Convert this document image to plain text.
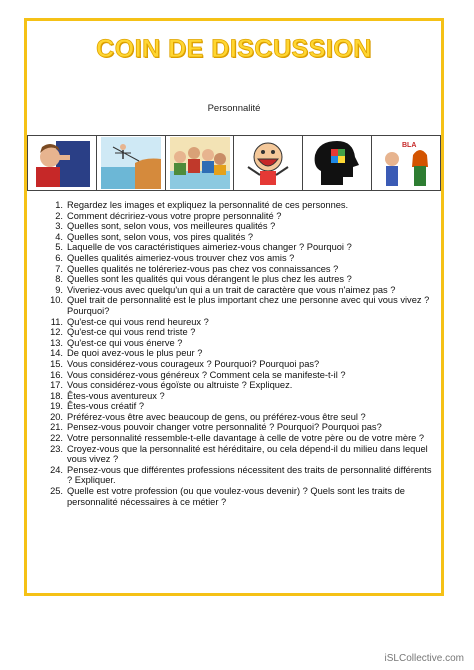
COIN DE DISCUSSION
Personnalité
BLA
1. Regardez les images et expliquez la personnalité de ces personnes.
2. Comment décririez-vous votre propre personnalité ?
3. Quelles sont, selon vous, vos meilleures qualités ?
4. Quelles sont, selon vous, vos pires qualités ?
5. Laquelle de vos caractéristiques aimeriez-vous changer ? Pourquoi ?
6. Quelles qualités aimeriez-vous trouver chez vos amis ?
7. Quelles qualités ne toléreriez-vous pas chez vos connaissances ?
8. Quelles sont les qualités qui vous dérangent le plus chez les autres ?
9. Viveriez-vous avec quelqu'un qui a un trait de caractère que vous n'aimez pas ?
10. Quel trait de personnalité est le plus important chez une personne avec qui vous vivez ? Pourquoi?
11. Qu'est-ce qui vous rend heureux ?
12. Qu'est-ce qui vous rend triste ?
13. Qu'est-ce qui vous énerve ?
14. De quoi avez-vous le plus peur ?
15. Vous considérez-vous courageux ? Pourquoi? Pourquoi pas?
16. Vous considérez-vous généreux ? Comment cela se manifeste-t-il ?
17. Vous considérez-vous égoïste ou altruiste ? Expliquez.
18. Êtes-vous aventureux ?
19. Êtes-vous créatif ?
20. Préférez-vous être avec beaucoup de gens, ou préférez-vous être seul ?
21. Pensez-vous pouvoir changer votre personnalité ? Pourquoi? Pourquoi pas?
22. Votre personnalité ressemble-t-elle davantage à celle de votre père ou de votre mère ?
23. Croyez-vous que la personnalité est héréditaire, ou cela dépend-il du milieu dans lequel vous vivez ?
24. Pensez-vous que différentes professions nécessitent des traits de personnalité différents ? Expliquer.
25. Quelle est votre profession (ou que voulez-vous devenir) ? Quels sont les traits de personnalité nécessaires à ce métier ?
iSLCollective.com
